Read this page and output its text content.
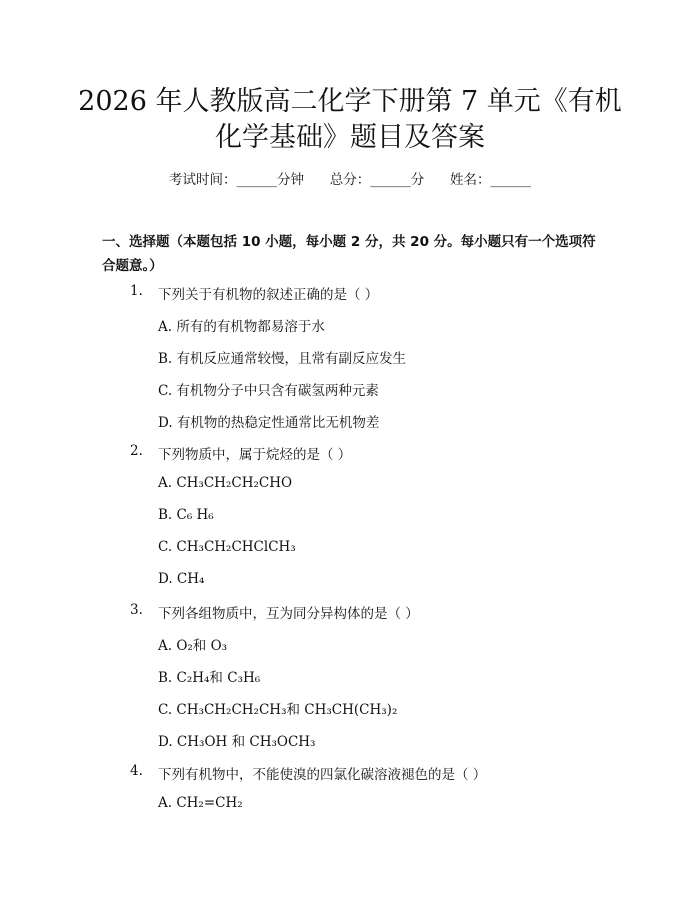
2026 年人教版高二化学下册第 7 单元《有机
化学基础》题目及答案
考试时间：______分钟      总分：______分      姓名：______
一、选择题（本题包括 10 小题，每小题 2 分，共 20 分。每小题只有一个选项符合题意。）
1. 下列关于有机物的叙述正确的是（ ）
A. 所有的有机物都易溶于水
B. 有机反应通常较慢，且常有副反应发生
C. 有机物分子中只含有碳氢两种元素
D. 有机物的热稳定性通常比无机物差
2. 下列物质中，属于烷烃的是（ ）
A. CH₃CH₂CH₂CHO
B. C₆ H₆
C. CH₃CH₂CHClCH₃
D. CH₄
3. 下列各组物质中，互为同分异构体的是（ ）
A. O₂和 O₃
B. C₂H₄和 C₃H₆
C. CH₃CH₂CH₂CH₃和 CH₃CH(CH₃)₂
D. CH₃OH 和 CH₃OCH₃
4. 下列有机物中，不能使溴的四氯化碳溶液褪色的是（ ）
A. CH₂=CH₂
